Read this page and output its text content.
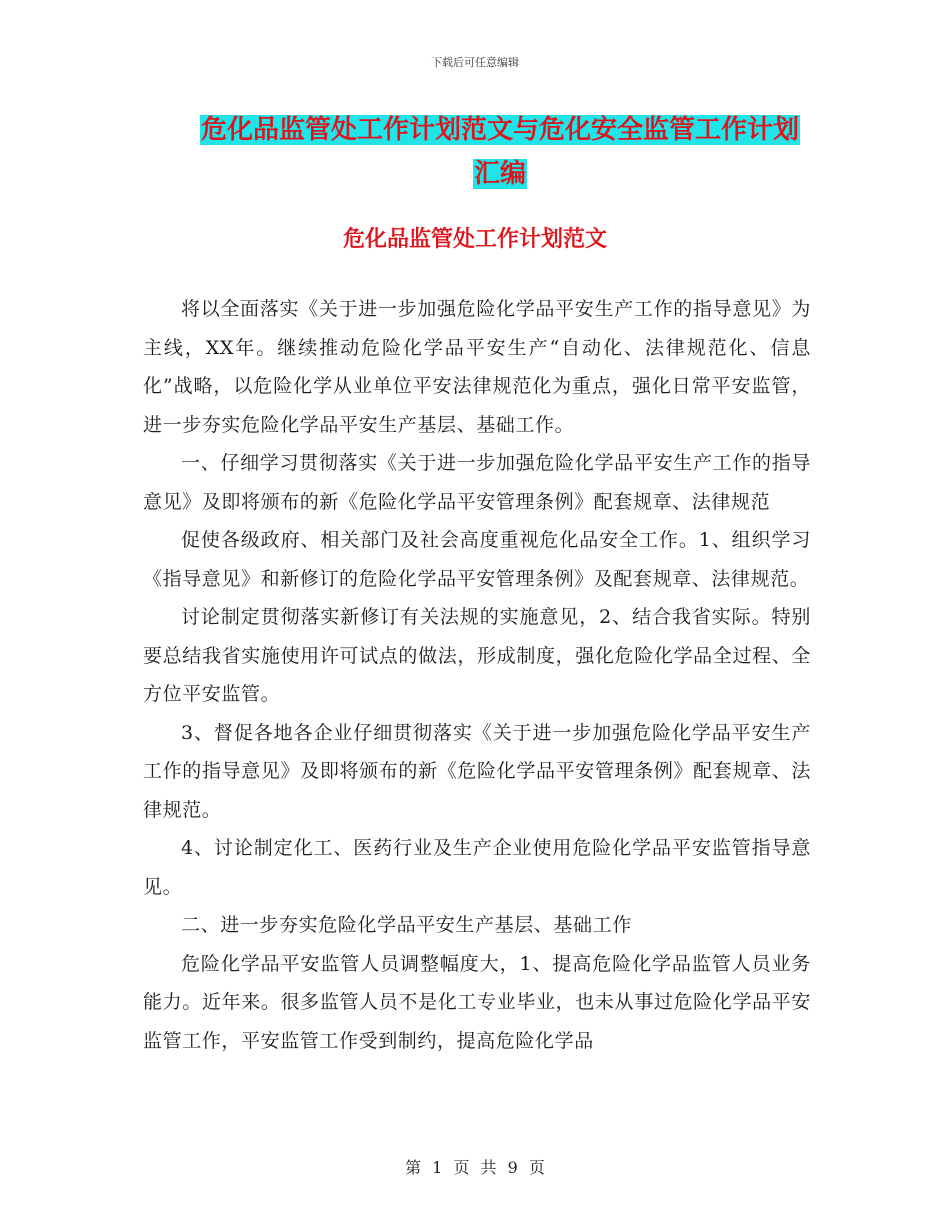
下载后可任意编辑
危化品监管处工作计划范文与危化安全监管工作计划
汇编
危化品监管处工作计划范文

将以全面落实《关于进一步加强危险化学品平安生产工作的指导意见》为主线，XX年。继续推动危险化学品平安生产“自动化、法律规范化、信息化”战略，以危险化学从业单位平安法律规范化为重点，强化日常平安监管，进一步夯实危险化学品平安生产基层、基础工作。

一、仔细学习贯彻落实《关于进一步加强危险化学品平安生产工作的指导意见》及即将颁布的新《危险化学品平安管理条例》配套规章、法律规范

促使各级政府、相关部门及社会高度重视危化品安全工作。1、组织学习《指导意见》和新修订的危险化学品平安管理条例》及配套规章、法律规范。

讨论制定贯彻落实新修订有关法规的实施意见，2、结合我省实际。特别要总结我省实施使用许可试点的做法，形成制度，强化危险化学品全过程、全方位平安监管。

3、督促各地各企业仔细贯彻落实《关于进一步加强危险化学品平安生产工作的指导意见》及即将颁布的新《危险化学品平安管理条例》配套规章、法律规范。

4、讨论制定化工、医药行业及生产企业使用危险化学品平安监管指导意见。

二、进一步夯实危险化学品平安生产基层、基础工作

危险化学品平安监管人员调整幅度大，1、提高危险化学品监管人员业务能力。近年来。很多监管人员不是化工专业毕业，也未从事过危险化学品平安监管工作，平安监管工作受到制约，提高危险化学品

第 1 页 共 9 页
